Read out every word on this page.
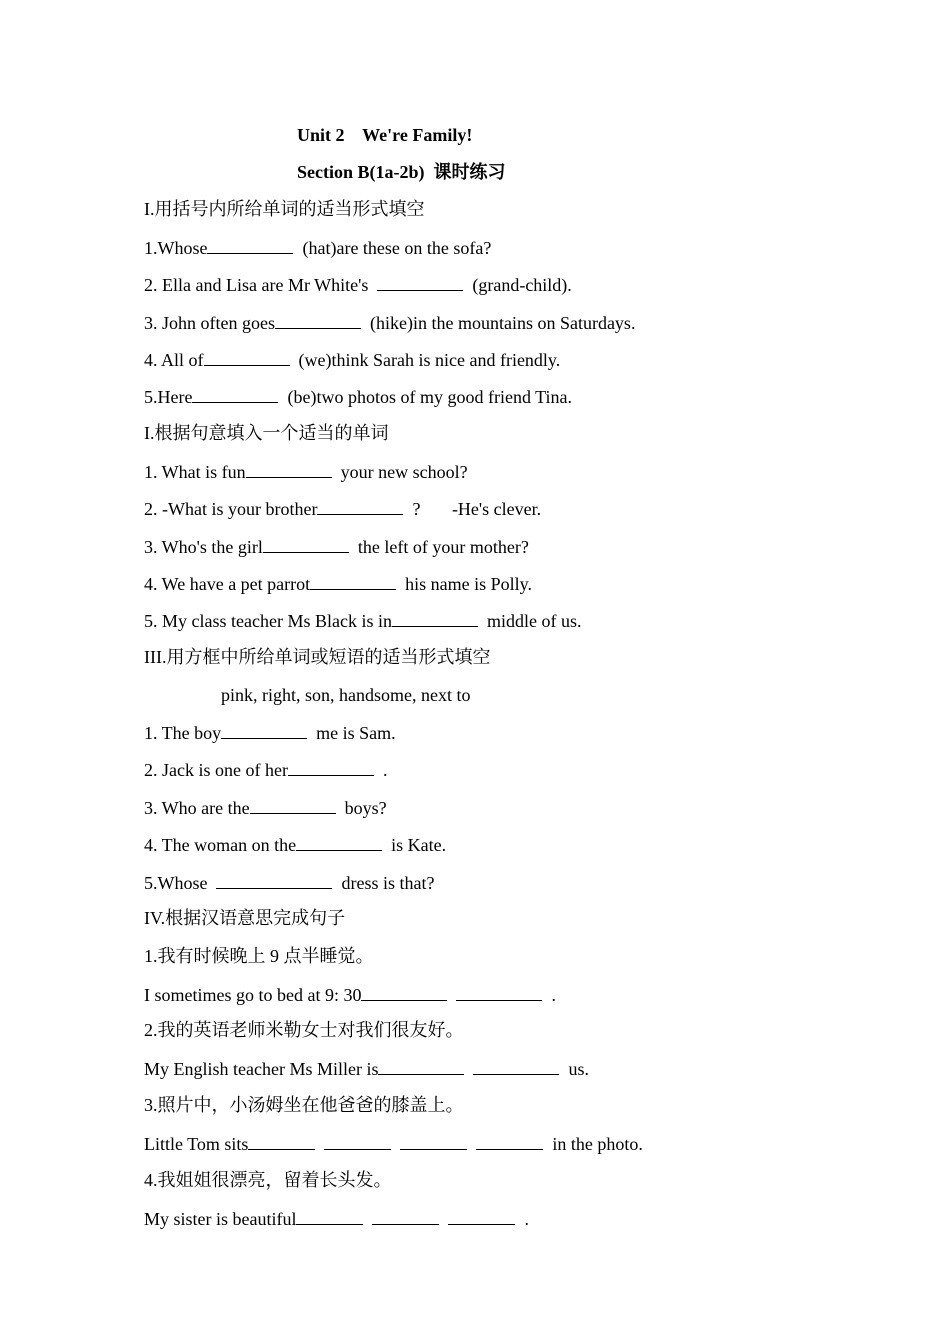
Unit 2    We're Family!
Section B(1a-2b)  课时练习
I.用括号内所给单词的适当形式填空
1.Whose	(hat)are these on the sofa?
2. Ella and Lisa are Mr White's	(grand-child).
3. John often goes	(hike)in the mountains on Saturdays.
4. All of	(we)think Sarah is nice and friendly.
5.Here	(be)two photos of my good friend Tina.
I.根据句意填入一个适当的单词
1. What is fun	your new school?
2. -What is your brother	?       -He's clever.
3. Who's the girl	the left of your mother?
4. We have a pet parrot	his name is Polly.
5. My class teacher Ms Black is in	middle of us.
III.用方框中所给单词或短语的适当形式填空
pink, right, son, handsome, next to
1. The boy	me is Sam.
2. Jack is one of her	.
3. Who are the	boys?
4. The woman on the	is Kate.
5.Whose	dress is that?
IV.根据汉语意思完成句子
1.我有时候晚上 9 点半睡觉。
I sometimes go to bed at 9: 30	.
2.我的英语老师米勒女士对我们很友好。
My English teacher Ms Miller is	us.
3.照片中，小汤姆坐在他爸爸的膝盖上。
Little Tom sits	in the photo.
4.我姐姐很漂亮，留着长头发。
My sister is beautiful	.
